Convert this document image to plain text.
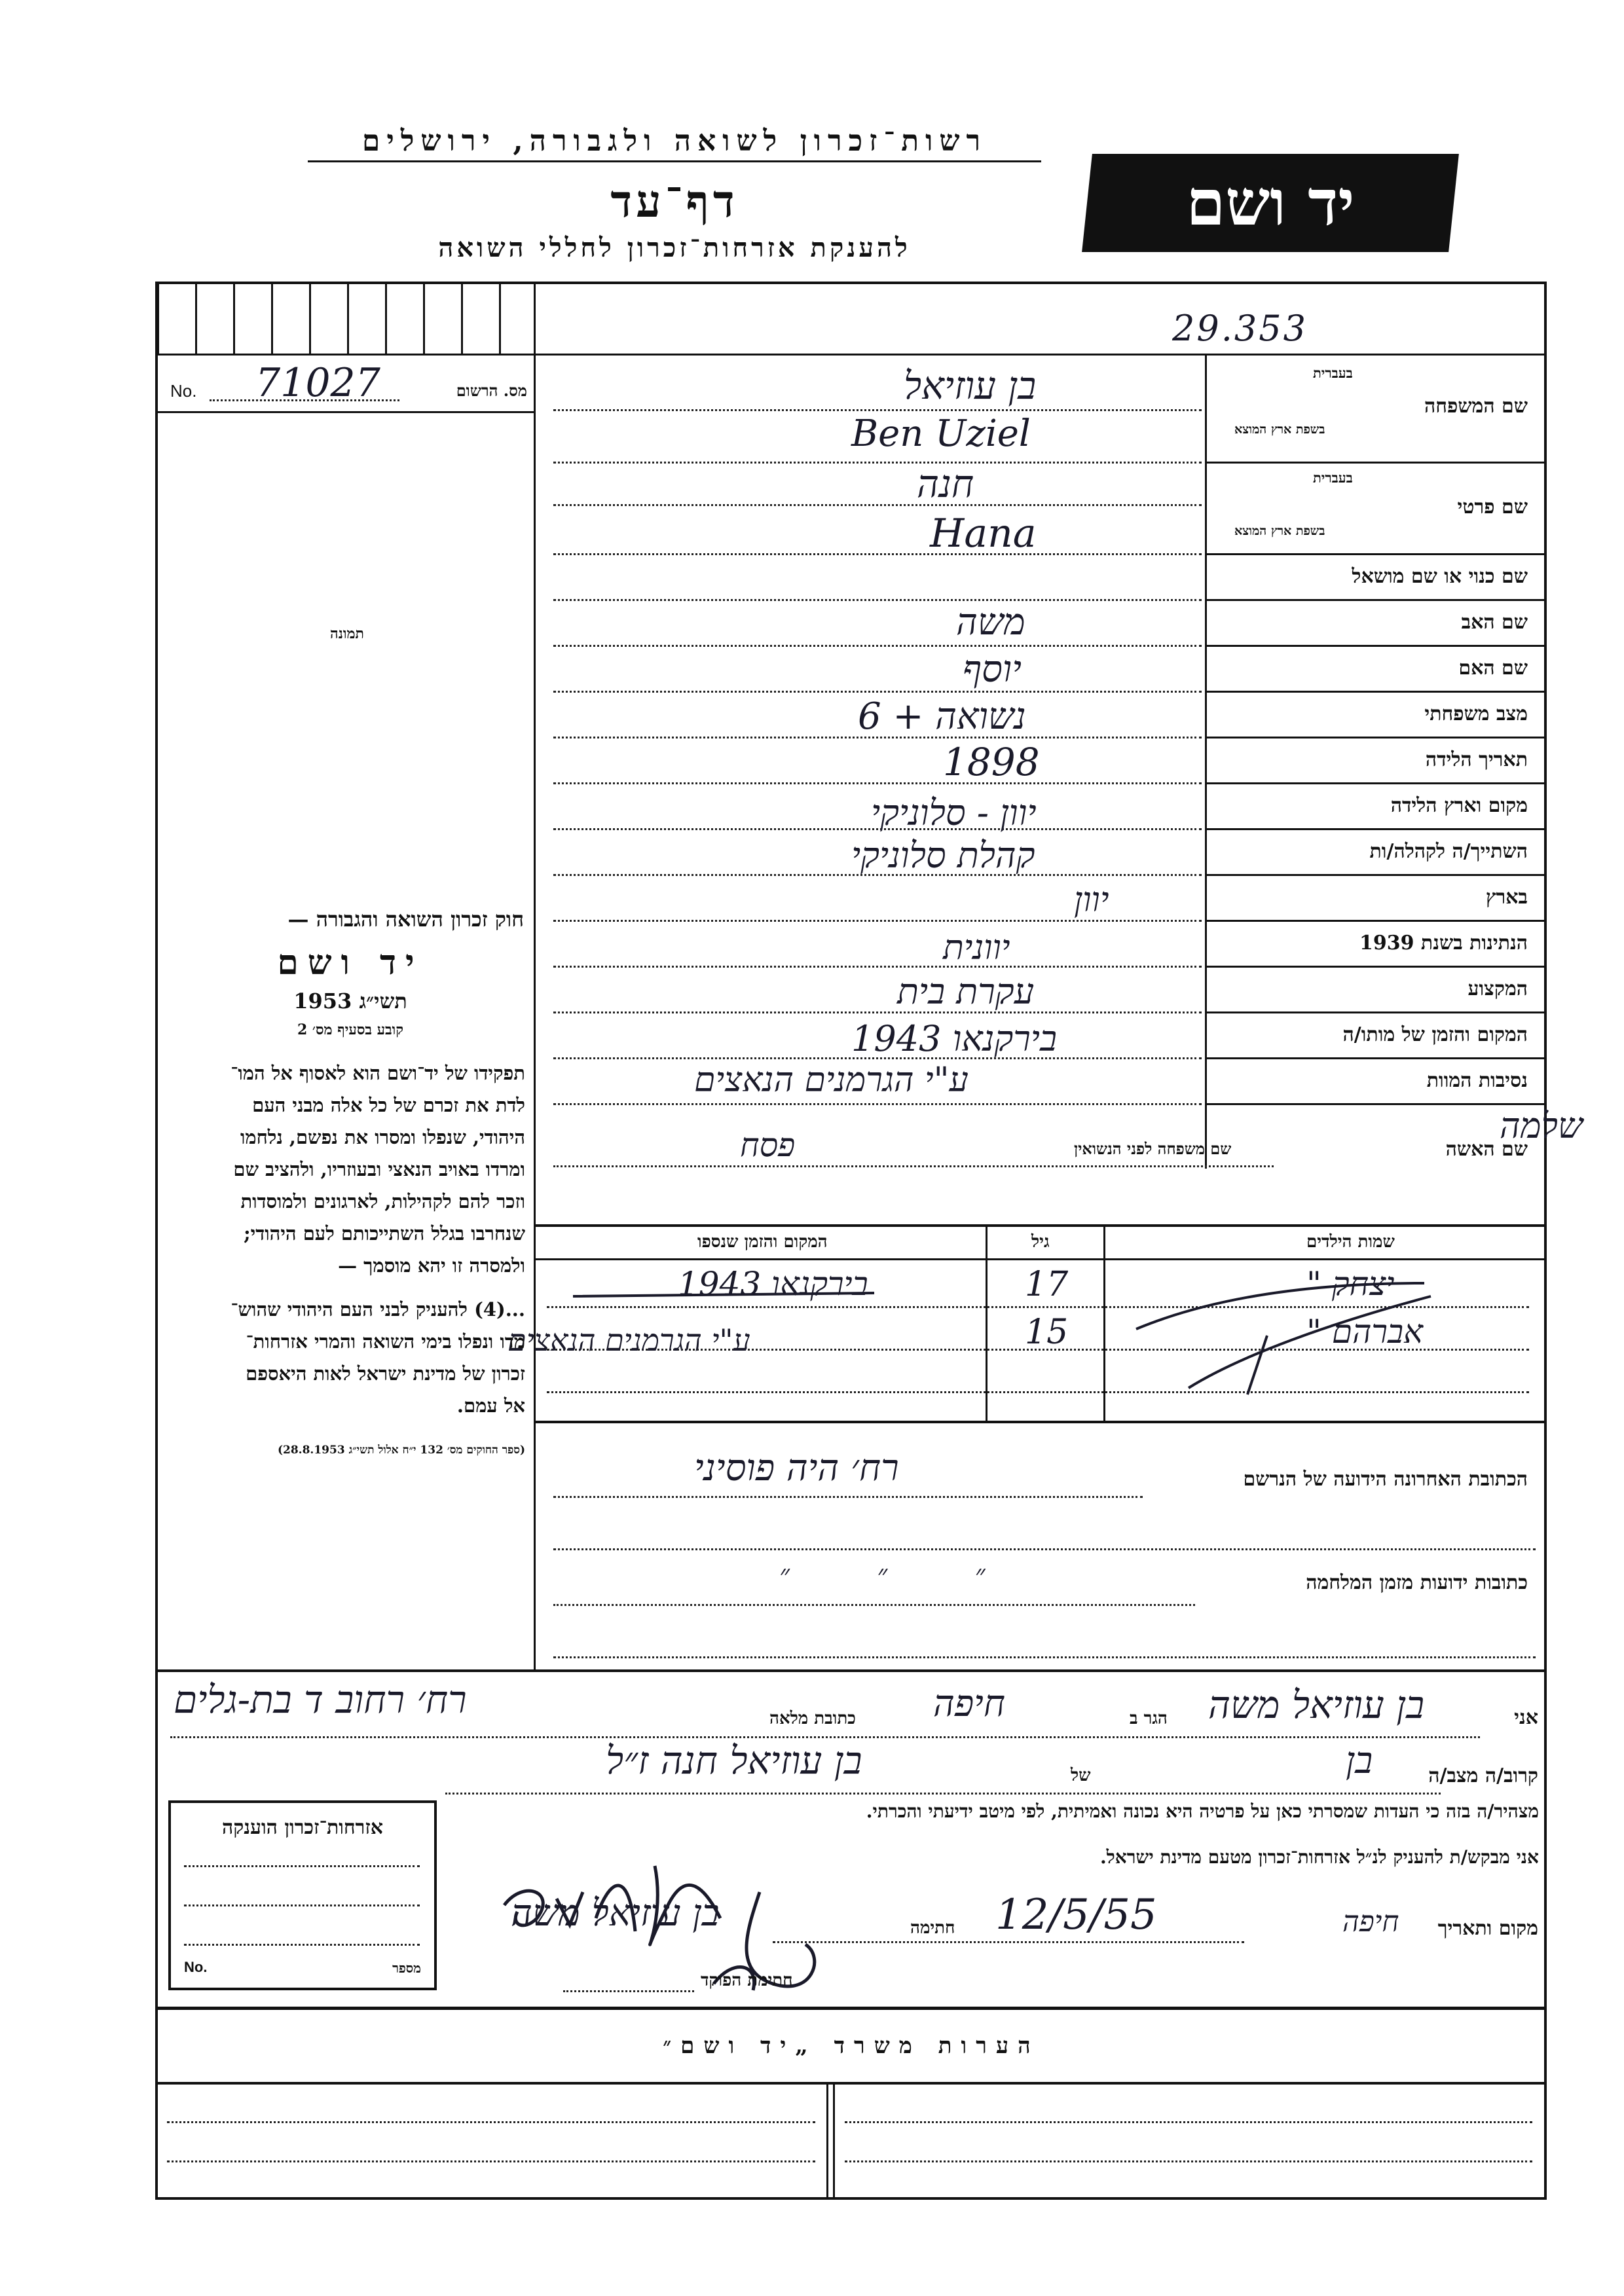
רשות־זכרון לשואה ולגבורה, ירושלים
דף־עד
להענקת אזרחות־זכרון לחללי השואה
יד ושם
29.353
No. 71027	מס. הרשום
תמונה
שם המשפחה
בעברית
בשפת ארץ המוצא
בן עוזיאל
Ben Uziel
שם פרטי
בעברית
בשפת ארץ המוצא
חנה
Hana
שם כנוי או שם מושאל
שם האב
משה
שם האם
יוסף
מצב משפחתי
נשואה + 6
תאריך הלידה
1898
מקום וארץ הלידה
יוון - סלוניקי
השתייך/ה לקהלה/ות
קהלת סלוניקי
בארץ
יוון
הנתינות בשנת 1939
יוונית
המקצוע
עקרת בית
המקום והזמן של מותו/ה
בירקנאו 1943
נסיבות המוות
ע"י הגרמנים הנאצים
שם האשה
שלמה
שם משפחה לפני הנשואין
פסח
שמות הילדים
גיל
המקום והזמן שנספו
יצחק "
17
בירקנאו 1943
אברהם "
15
ע"י הגרמנים הנאצים
חוק זכרון השואה והגבורה —
יד ושם
תשי״ג 1953
קובע בסעיף מס׳ 2
תפקידו של יד־ושם הוא לאסוף אל המו־
לדת את זכרם של כל אלה מבני העם
היהודי, שנפלו ומסרו את נפשם, נלחמו
ומרדו באויב הנאצי ובעוזריו, ולהציב שם
וזכר להם לקהילות, לארגונים ולמוסדות
שנחרבו בגלל השתייכותם לעם היהודי;
ולמסרה זו יהא מוסמך —
...(4) להעניק לבני העם היהודי שהוש־
מדו ונפלו בימי השואה והמרי אזרחות־
זכרון של מדינת ישראל לאות היאספם
אל עמם.
(ספר החוקים מס׳ 132 י״ח אלול תשי״ג 28.8.1953)
הכתובת האחרונה הידועה של הנרשם
רח׳ היה פוסיני
כתובות ידועות מזמן המלחמה
״ ״ ״
אני
בן עוזיאל משה
הגר ב
חיפה
כתובת מלאה
רח׳ רחוב ד בת-גלים
קרוב/ה מצב/ה
בן
של
בן עוזיאל חנה ז״ל
מצהיר/ה בזה כי העדות שמסרתי כאן על פרטיה היא נכונה ואמיתית, לפי מיטב ידיעתי והכרתי.
אני מבקש/ת להעניק לנ״ל אזרחות־זכרון מטעם מדינת ישראל.
מקום ותאריך
חיפה
12/5/55
חתימה
בן עוזיאל משה
חתימת הפוקד
אזרחות־זכרון הוענקה
No.	מספר
הערות משרד „יד ושם״
